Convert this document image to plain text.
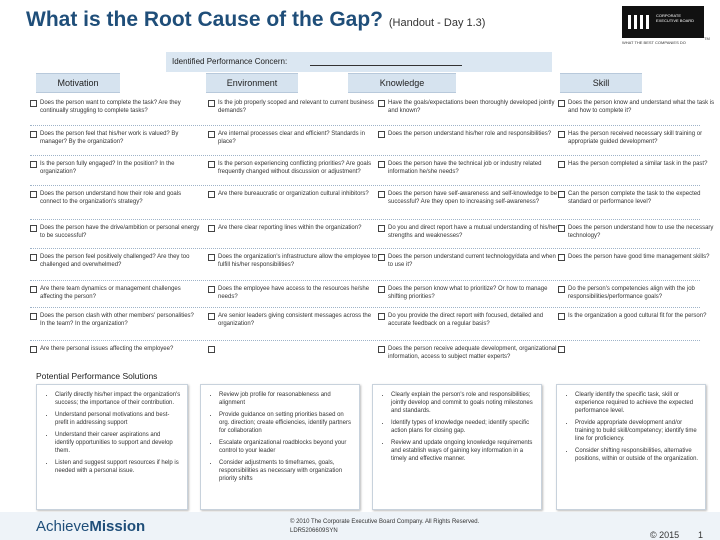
What is the Root Cause of the Gap? (Handout - Day 1.3)
CORPORATE EXECUTIVE BOARD
WHAT THE BEST COMPANIES DO
TM
Identified Performance Concern:
Motivation
Does the person want to complete the task? Are they continually struggling to complete tasks?
Does the person feel that his/her work is valued? By manager? By the organization?
Is the person fully engaged? In the position? In the organization?
Does the person understand how their role and goals connect to the organization's strategy?
Does the person have the drive/ambition or personal energy to be successful?
Does the person feel positively challenged? Are they too challenged and overwhelmed?
Are there team dynamics or management challenges affecting the person?
Does the person clash with other members' personalities? In the team? In the organization?
Are there personal issues affecting the employee?
Environment
Is the job properly scoped and relevant to current business demands?
Are internal processes clear and efficient? Standards in place?
Is the person experiencing conflicting priorities? Are goals frequently changed without discussion or adjustment?
Are there bureaucratic or organization cultural inhibitors?
Are there clear reporting lines within the organization?
Does the organization's infrastructure allow the employee to fulfill his/her responsibilities?
Does the employee have access to the resources he/she needs?
Are senior leaders giving consistent messages across the organization?
Knowledge
Have the goals/expectations been thoroughly developed jointly and known?
Does the person understand his/her role and responsibilities?
Does the person have the technical job or industry related information he/she needs?
Does the person have self-awareness and self-knowledge to be successful? Are they open to increasing self-awareness?
Do you and direct report have a mutual understanding of his/her strengths and weaknesses?
Does the person understand current technology/data and when to use it?
Does the person know what to prioritize? Or how to manage shifting priorities?
Do you provide the direct report with focused, detailed and accurate feedback on a regular basis?
Does the person receive adequate development, organizational information, access to subject matter experts?
Skill
Does the person know and understand what the task is and how to complete it?
Has the person received necessary skill training or appropriate guided development?
Has the person completed a similar task in the past?
Can the person complete the task to the expected standard or performance level?
Does the person understand how to use the necessary technology?
Does the person have good time management skills?
Do the person's competencies align with the job responsibilities/performance goals?
Is the organization a good cultural fit for the person?
Potential Performance Solutions
• Clarify directly his/her impact the organization's success; the importance of their contribution.
• Understand personal motivations and best-prefit in addressing support
• Understand their career aspirations and identify opportunities to support and develop them.
• Listen and suggest support resources if help is needed with a personal issue.
• Review job profile for reasonableness and alignment
• Provide guidance on setting priorities based on org. direction; create efficiencies, identify partners for collaboration
• Escalate organizational roadblocks beyond your control to your leader
• Consider adjustments to timeframes, goals, responsibilities as necessary with organization priority shifts
• Clearly explain the person's role and responsibilities; jointly develop and commit to goals noting milestones and standards.
• Identify types of knowledge needed; identify specific action plans for closing gap.
• Review and update ongoing knowledge requirements and establish ways of gaining key information in a timely and effective manner.
• Clearly identify the specific task, skill or experience required to achieve the expected performance level.
• Provide appropriate development and/or training to build skill/competency; identify time line for proficiency.
• Consider shifting responsibilities, alternative positions, within or outside of the organization.
AchieveMission	© 2010 The Corporate Executive Board Company. All Rights Reserved. LDR5206609SYN	© 2015 1
